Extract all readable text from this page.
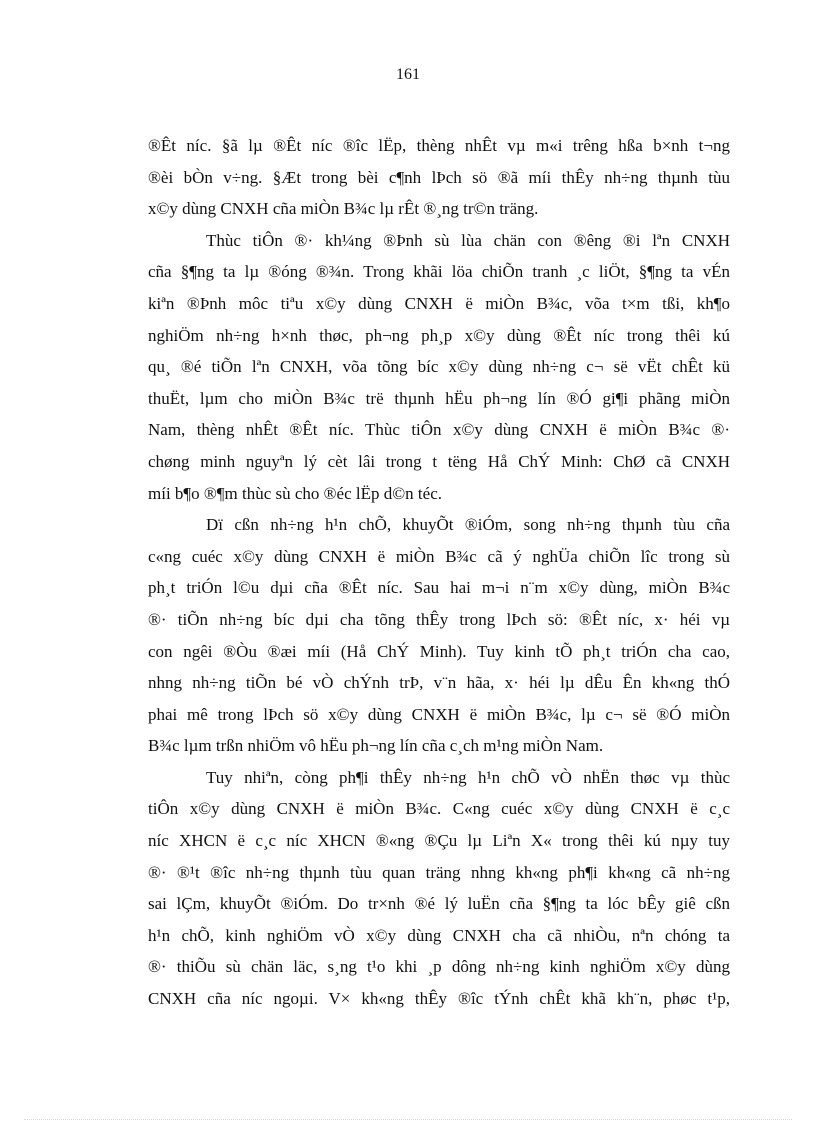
161
®Êt níc. §ã lµ ®Êt níc ®îc lËp, thèng nhÊt vµ m«i trêng hßa b×nh t¬ng
®èi bÒn v÷ng. §Æt trong bèi c¶nh lÞch sö ®ã míi thÊy nh÷ng thµnh tùu
x©y dùng CNXH cña miÒn B¾c lµ rÊt ®¸ng tr©n träng.
Thùc tiÔn ®· kh¼ng ®Þnh sù lùa chän con ®êng ®i lªn CNXH
cña §¶ng ta lµ ®óng ®¾n. Trong khãi löa chiÕn tranh ¸c liÖt, §¶ng ta vÉn
kiªn ®Þnh môc tiªu x©y dùng CNXH ë miÒn B¾c, võa t×m tßi, kh¶o
nghiÖm nh÷ng h×nh thøc, ph¬ng ph¸p x©y dùng ®Êt níc trong thêi kú
qu¸ ®é tiÕn lªn CNXH, võa tõng bíc x©y dùng nh÷ng c¬ së vËt chÊt kü
thuËt, lµm cho miÒn B¾c trë thµnh hËu ph¬ng lín ®Ó gi¶i phãng miÒn
Nam, thèng nhÊt ®Êt níc. Thùc tiÔn x©y dùng CNXH ë miÒn B¾c ®·
chøng minh nguyªn lý cèt lâi trong t tëng Hå ChÝ Minh: ChØ cã CNXH
míi b¶o ®¶m thùc sù cho ®éc lËp d©n téc.
Dï cßn nh÷ng h¹n chÕ, khuyÕt ®iÓm, song nh÷ng thµnh tùu cña
c«ng cuéc x©y dùng CNXH ë miÒn B¾c cã ý nghÜa chiÕn lîc trong sù
ph¸t triÓn l©u dµi cña ®Êt níc. Sau hai m¬i n¨m x©y dùng, miÒn B¾c
®· tiÕn nh÷ng bíc dµi cha tõng thÊy trong lÞch sö: ®Êt níc, x· héi vµ
con ngêi ®Òu ®æi míi (Hå ChÝ Minh). Tuy kinh tÕ ph¸t triÓn cha cao,
nhng nh÷ng tiÕn bé vÒ chÝnh trÞ, v¨n hãa, x· héi lµ dÊu Ên kh«ng thÓ
phai mê trong lÞch sö x©y dùng CNXH ë miÒn B¾c, lµ c¬ së ®Ó miÒn
B¾c lµm trßn nhiÖm vô hËu ph¬ng lín cña c¸ch m¹ng miÒn Nam.
Tuy nhiªn, còng ph¶i thÊy nh÷ng h¹n chÕ vÒ nhËn thøc vµ thùc
tiÔn x©y dùng CNXH ë miÒn B¾c. C«ng cuéc x©y dùng CNXH ë c¸c
níc XHCN ë c¸c níc XHCN ®«ng ®Çu lµ Liªn X« trong thêi kú nµy tuy
®· ®¹t ®îc nh÷ng thµnh tùu quan träng nhng kh«ng ph¶i kh«ng cã nh÷ng
sai lÇm, khuyÕt ®iÓm. Do tr×nh ®é lý luËn cña §¶ng ta lóc bÊy giê cßn
h¹n chÕ, kinh nghiÖm vÒ x©y dùng CNXH cha cã nhiÒu, nªn chóng ta
®· thiÕu sù chän läc, s¸ng t¹o khi ¸p dông nh÷ng kinh nghiÖm x©y dùng
CNXH cña níc ngoµi. V× kh«ng thÊy ®îc tÝnh chÊt khã kh¨n, phøc t¹p,
